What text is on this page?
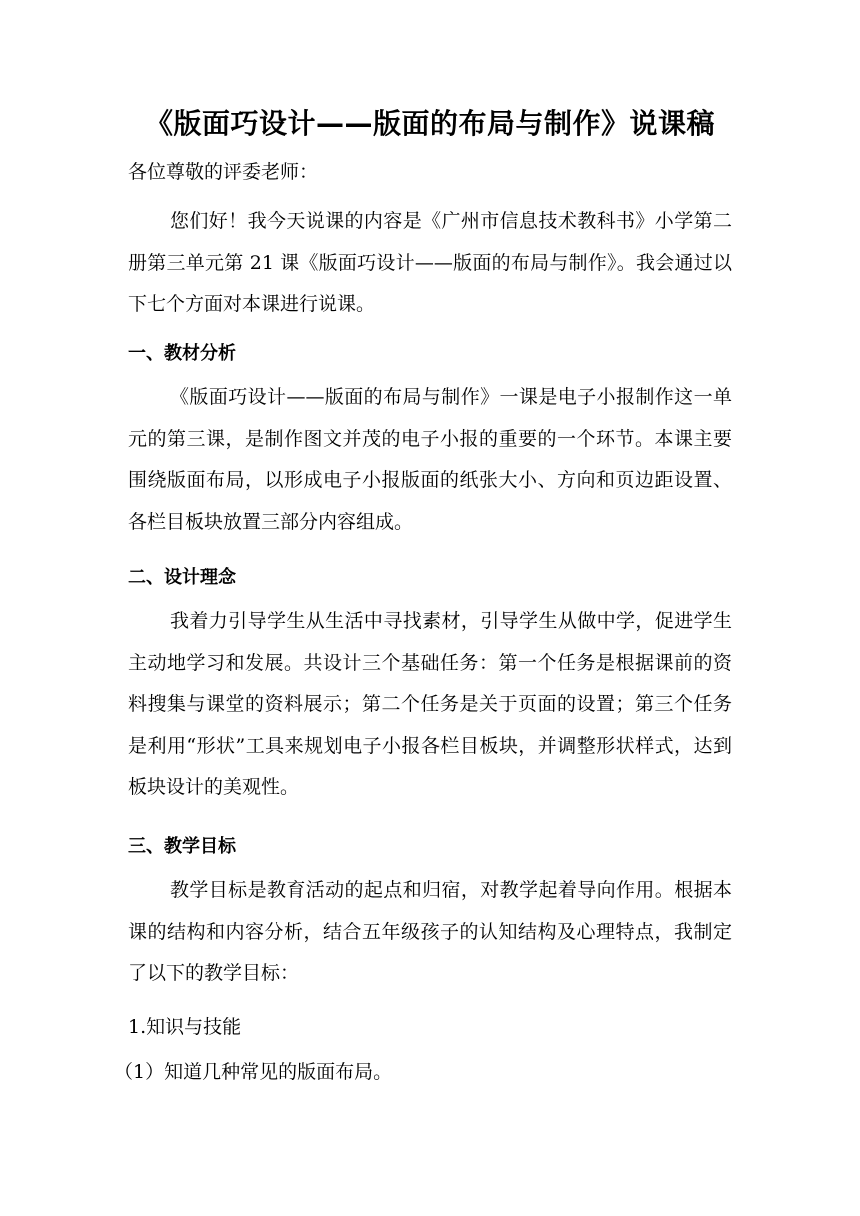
《版面巧设计——版面的布局与制作》说课稿
各位尊敬的评委老师：
您们好！我今天说课的内容是《广州市信息技术教科书》小学第二册第三单元第 21 课《版面巧设计——版面的布局与制作》。我会通过以下七个方面对本课进行说课。
一、教材分析
《版面巧设计——版面的布局与制作》一课是电子小报制作这一单元的第三课，是制作图文并茂的电子小报的重要的一个环节。本课主要围绕版面布局，以形成电子小报版面的纸张大小、方向和页边距设置、各栏目板块放置三部分内容组成。
二、设计理念
我着力引导学生从生活中寻找素材，引导学生从做中学，促进学生主动地学习和发展。共设计三个基础任务：第一个任务是根据课前的资料搜集与课堂的资料展示；第二个任务是关于页面的设置；第三个任务是利用“形状”工具来规划电子小报各栏目板块，并调整形状样式，达到板块设计的美观性。
三、教学目标
教学目标是教育活动的起点和归宿，对教学起着导向作用。根据本课的结构和内容分析，结合五年级孩子的认知结构及心理特点，我制定了以下的教学目标：
1.知识与技能
（1）知道几种常见的版面布局。
